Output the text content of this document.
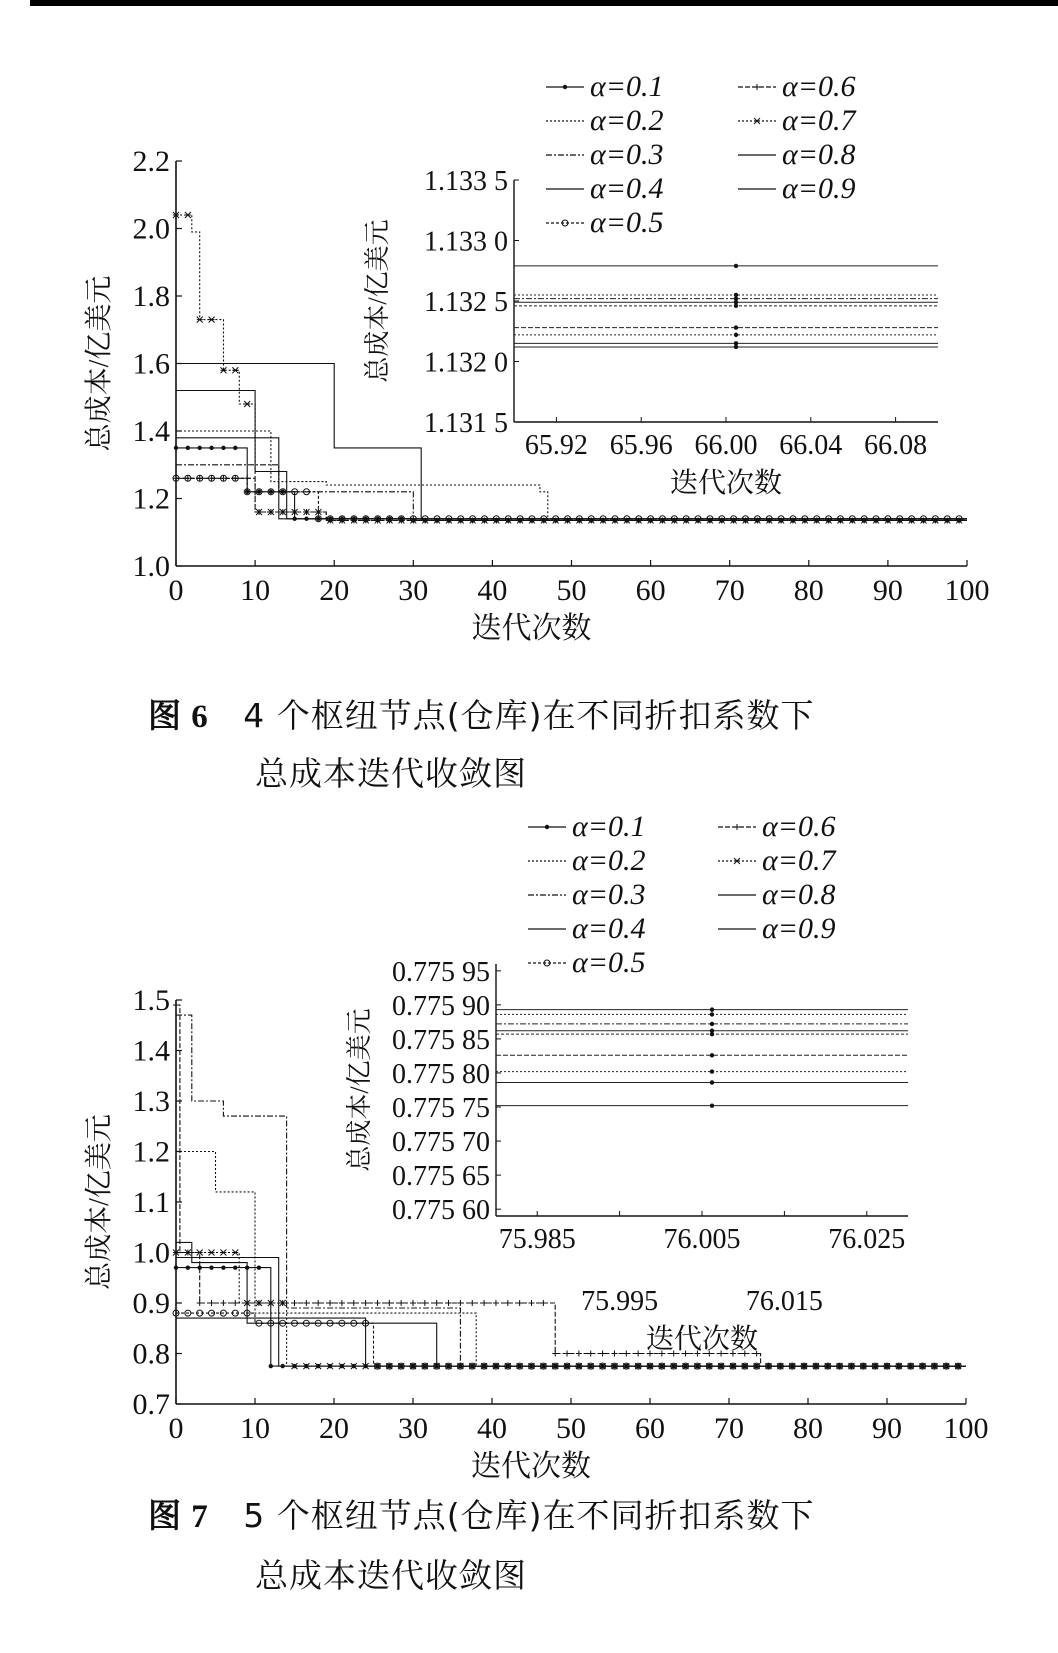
0 10 20 30 40 50 60 70 80 90 100
1.0
1.2
1.4
1.6
1.8
2.0
2.2
迭代次数
总成本/亿美元
1.133 5
1.133 0
1.132 5
1.132 0
1.131 5
65.92 65.96 66.00 66.04 66.08
迭代次数
总成本/亿美元
α=0.1
α=0.2
α=0.3
α=0.4
α=0.5
α=0.6
α=0.7
α=0.8
α=0.9
图 6 4 个枢纽节点(仓库)在不同折扣系数下
总成本迭代收敛图
0 10 20 30 40 50 60 70 80 90 100
0.7
0.8
0.9
1.0
1.1
1.2
1.3
1.4
1.5
迭代次数
总成本/亿美元
0.775 95
0.775 90
0.775 85
0.775 80
0.775 75
0.775 70
0.775 65
0.775 60
75.985	76.005	76.025
75.995	76.015
迭代次数
总成本/亿美元
α=0.1
α=0.2
α=0.3
α=0.4
α=0.5
α=0.6
α=0.7
α=0.8
α=0.9
图 7 5 个枢纽节点(仓库)在不同折扣系数下
总成本迭代收敛图
